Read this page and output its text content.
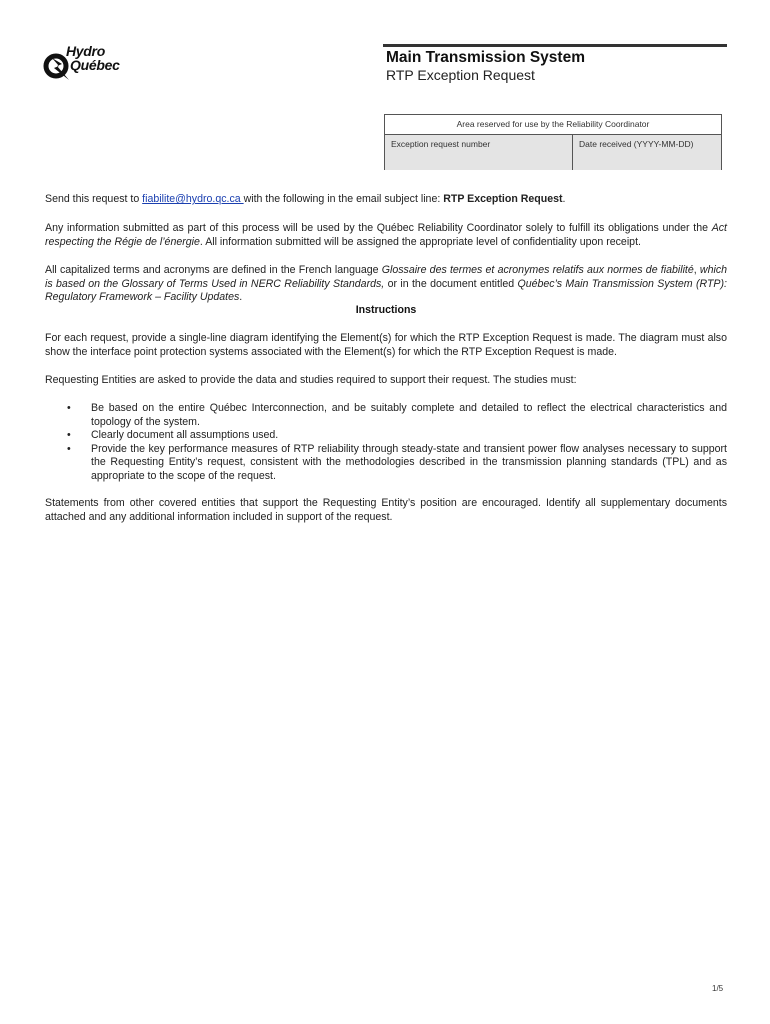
Hydro
Québec	Main Transmission System
RTP Exception Request
Area reserved for use by the Reliability Coordinator
Exception request number	Date received (YYYY-MM-DD)
Send this request to fiabilite@hydro.qc.ca with the following in the email subject line: RTP Exception Request.
Any information submitted as part of this process will be used by the Québec Reliability Coordinator solely to fulfill its obligations under the Act respecting the Régie de l’énergie. All information submitted will be assigned the appropriate level of confidentiality upon receipt.
All capitalized terms and acronyms are defined in the French language Glossaire des termes et acronymes relatifs aux normes de fiabilité, which is based on the Glossary of Terms Used in NERC Reliability Standards, or in the document entitled Québec’s Main Transmission System (RTP): Regulatory Framework – Facility Updates.
Instructions
For each request, provide a single-line diagram identifying the Element(s) for which the RTP Exception Request is made. The diagram must also show the interface point protection systems associated with the Element(s) for which the RTP Exception Request is made.
Requesting Entities are asked to provide the data and studies required to support their request. The studies must:
• Be based on the entire Québec Interconnection, and be suitably complete and detailed to reflect the electrical characteristics and topology of the system.
• Clearly document all assumptions used.
• Provide the key performance measures of RTP reliability through steady-state and transient power flow analyses necessary to support the Requesting Entity’s request, consistent with the methodologies described in the transmission planning standards (TPL) and as appropriate to the scope of the request.
Statements from other covered entities that support the Requesting Entity’s position are encouraged. Identify all supplementary documents attached and any additional information included in support of the request.
1/5
